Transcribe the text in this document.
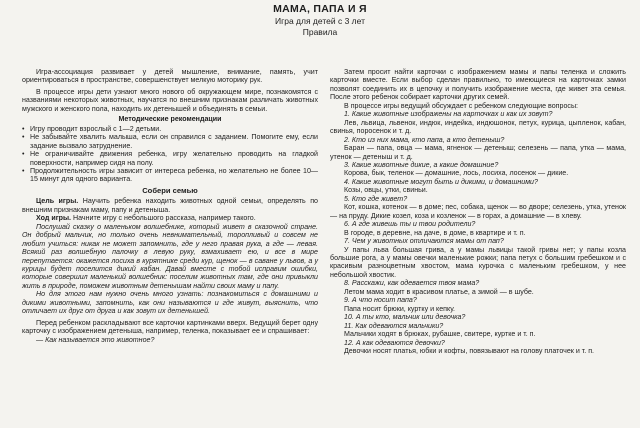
МАМА, ПАПА И Я
Игра для детей с 3 лет
Правила

Игра-ассоциация развивает у детей мышление, внимание, память, учит ориентироваться в пространстве, совершенствует мелкую моторику рук.

В процессе игры дети узнают много нового об окружающем мире, познакомятся с названиями некоторых животных, научатся по внешним признакам различать животных мужского и женского пола, находить их детенышей и объединять в семьи.

Методические рекомендации

• Игру проводит взрослый с 1—2 детьми.
• Не забывайте хвалить малыша, если он справился с заданием. Помогите ему, если задание вызвало затруднение.
• Не ограничивайте движения ребенка, игру желательно проводить на гладкой поверхности, например сидя на полу.
• Продолжительность игры зависит от интереса ребенка, но желательно не более 10—15 минут для одного варианта.

Собери семью

Цель игры. Научить ребенка находить животных одной семьи, определять по внешним признакам маму, папу и детеныша.

Ход игры. Начните игру с небольшого рассказа, например такого.

Послушай сказку о маленьком волшебнике, который живет в сказочной стране. Он добрый мальчик, но только очень невнимательный, торопливый и совсем не любит учиться: никак не может запомнить, где у него правая рука, а где — левая. Всякий раз волшебную палочку в левую руку, взмахивает ею, и все в мире перепутается: окажется лосиха в курятнике среди кур, щенок — в саване у львов, а у курицы будет поселится дикий кабан. Давай вместе с тобой исправим ошибки, которые совершил маленький волшебник: поселим животных там, где они привыкли жить в природе, поможем животным детенышам найти своих маму и папу.

Но для этого нам нужно очень много узнать: познакомиться с домашними и дикими животными, запомнить, как они называются и где живут, выяснить, что отличает их друг от друга и как зовут их детенышей.

Перед ребенком раскладывают все карточки картинками вверх. Ведущий берет одну карточку с изображением детеныша, например, теленка, показывает ее и спрашивает:

— Как называется это животное?

Затем просит найти карточки с изображением мамы и папы теленка и сложить карточки вместе. Если выбор сделан правильно, то имеющиеся на карточках замки позволят соединить их в цепочку и получить изображение места, где живет эта семья. После этого ребенок собирает карточки других семей.

В процессе игры ведущий обсуждает с ребенком следующие вопросы:

1. Какие животные изображены на карточках и как их зовут?

Лев, львица, львенок, индюк, индейка, индюшонок, петух, курица, цыпленок, кабан, свинья, поросенок и т. д.

2. Кто из них мама, кто папа, а кто детеныш?

Баран — папа, овца — мама, ягненок — детеныш; селезень — папа, утка — мама, утенок — детеныш и т. д.

3. Какие животные дикие, а какие домашние?

Корова, бык, теленок — домашние, лось, лосиха, лосенок — дикие.

4. Какие животные могут быть и дикими, и домашними?

Козы, овцы, утки, свиньи.

5. Кто где живет?

Кот, кошка, котенок — в доме; пес, собака, щенок — во дворе; селезень, утка, утенок — на пруду. Дикие козел, коза и козленок — в горах, а домашние — в хлеву.

6. А где живешь ты и твои родители?

В городе, в деревне, на даче, в доме, в квартире и т. п.

7. Чем у животных отличаются мамы от пап?

У папы льва большая грива, а у мамы львицы такой гривы нет; у папы козла большие рога, а у мамы овечки маленькие рожки; папа петух с большим гребешком и с красивым разноцветным хвостом, мама курочка с маленьким гребешком, у нее небольшой хвостик.

8. Расскажи, как одевается твоя мама?

Летом мама ходит в красивом платье, а зимой — в шубе.

9. А что носит папа?

Папа носит брюки, куртку и кепку.

10. А ты кто, мальчик или девочка?

11. Как одеваются мальчики?

Мальчики ходят в брюках, рубашке, свитере, куртке и т. п.

12. А как одеваются девочки?

Девочки носят платья, юбки и кофты, повязывают на голову платочек и т. п.
